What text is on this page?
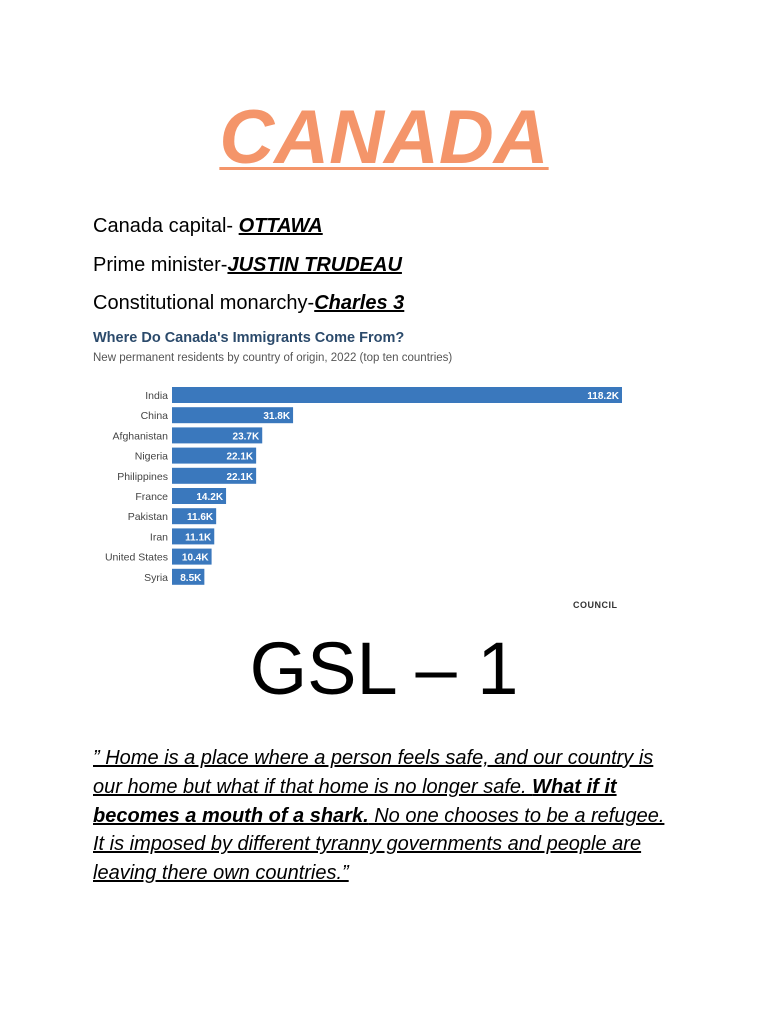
CANADA
Canada capital- OTTAWA
Prime minister-JUSTIN TRUDEAU
Constitutional monarchy-Charles 3
Where Do Canada's Immigrants Come From?
New permanent residents by country of origin, 2022 (top ten countries)
India	118.2K
China	31.8K
Afghanistan	23.7K
Nigeria	22.1K
Philippines	22.1K
France	14.2K
Pakistan 11.6K
Iran 11.1K
United States 10.4K
Syria 8.5K
COUNCIL
GSL – 1
” Home is a place where a person feels safe, and our country is our home but what if that home is no longer safe. What if it becomes a mouth of a shark. No one chooses to be a refugee. It is imposed by different tyranny governments and people are leaving there own countries.”
